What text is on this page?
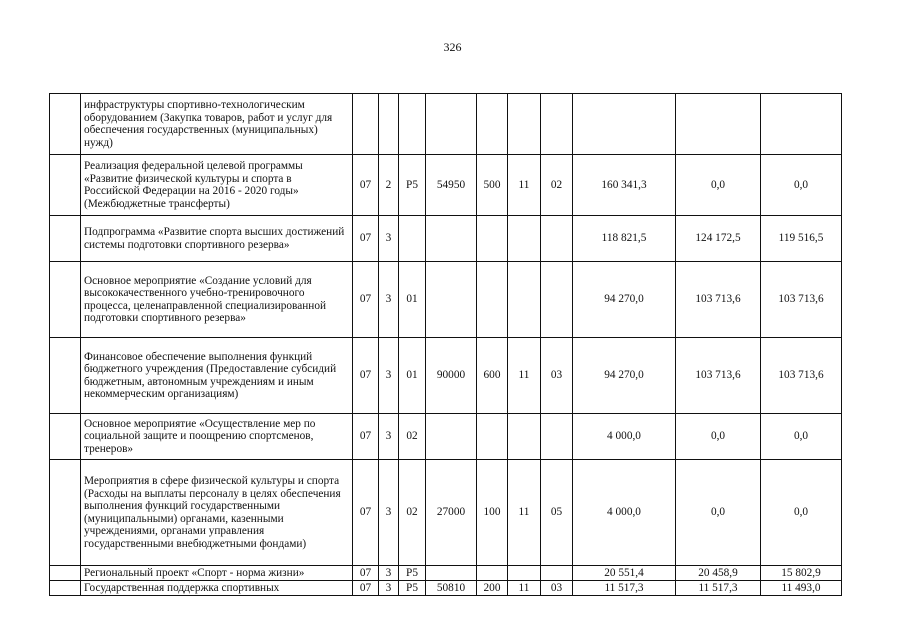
326
	инфраструктуры спортивно-технологическим оборудованием (Закупка товаров, работ и услуг для обеспечения государственных (муниципальных) нужд)										
	Реализация федеральной целевой программы «Развитие физической культуры и спорта в Российской Федерации на 2016 - 2020 годы» (Межбюджетные трансферты)	07	2	P5	54950	500	11	02	160 341,3	0,0	0,0
	Подпрограмма «Развитие спорта высших достижений системы подготовки спортивного резерва»	07	3						118 821,5	124 172,5	119 516,5
	Основное мероприятие «Создание условий для высококачественного учебно-тренировочного процесса, целенаправленной специализированной подготовки спортивного резерва»	07	3	01					94 270,0	103 713,6	103 713,6
	Финансовое обеспечение выполнения функций бюджетного учреждения (Предоставление субсидий бюджетным, автономным учреждениям и иным некоммерческим организациям)	07	3	01	90000	600	11	03	94 270,0	103 713,6	103 713,6
	Основное мероприятие «Осуществление мер по социальной защите и поощрению спортсменов, тренеров»	07	3	02					4 000,0	0,0	0,0
	Мероприятия в сфере физической культуры и спорта (Расходы на выплаты персоналу в целях обеспечения выполнения функций государственными (муниципальными) органами, казенными учреждениями, органами управления государственными внебюджетными фондами)	07	3	02	27000	100	11	05	4 000,0	0,0	0,0
	Региональный проект «Спорт - норма жизни»	07	3	P5					20 551,4	20 458,9	15 802,9
	Государственная поддержка спортивных	07	3	P5	50810	200	11	03	11 517,3	11 517,3	11 493,0
